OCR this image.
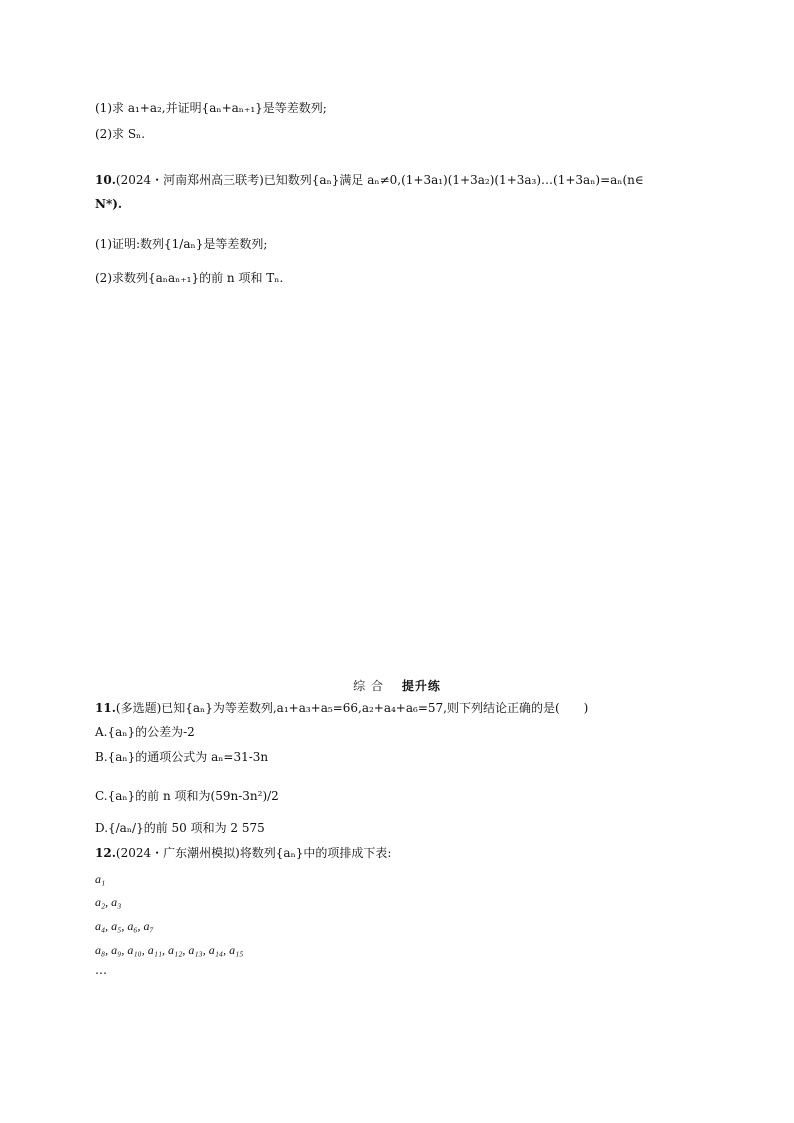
(1)求 a₁+a₂,并证明{aₙ+aₙ₊₁}是等差数列;
(2)求 Sₙ.
10.(2024・河南郑州高三联考)已知数列{aₙ}满足 aₙ≠0,(1+3a₁)(1+3a₂)(1+3a₃)…(1+3aₙ)=aₙ(n∈
N*).
(1)证明:数列{1/aₙ}是等差数列;
(2)求数列{aₙaₙ₊₁}的前 n 项和 Tₙ.
综 合　 提升练
11.(多选题)已知{aₙ}为等差数列,a₁+a₃+a₅=66,a₂+a₄+a₆=57,则下列结论正确的是(　　)
A.{aₙ}的公差为-2
B.{aₙ}的通项公式为 aₙ=31-3n
C.{aₙ}的前 n 项和为(59n-3n²)/2
D.{/aₙ/}的前 50 项和为 2 575
12.(2024・广东潮州模拟)将数列{aₙ}中的项排成下表:
a₁
a₂, a₃
a₄, a₅, a₆, a₇
a₈, a₉, a₁₀, a₁₁, a₁₂, a₁₃, a₁₄, a₁₅
…
